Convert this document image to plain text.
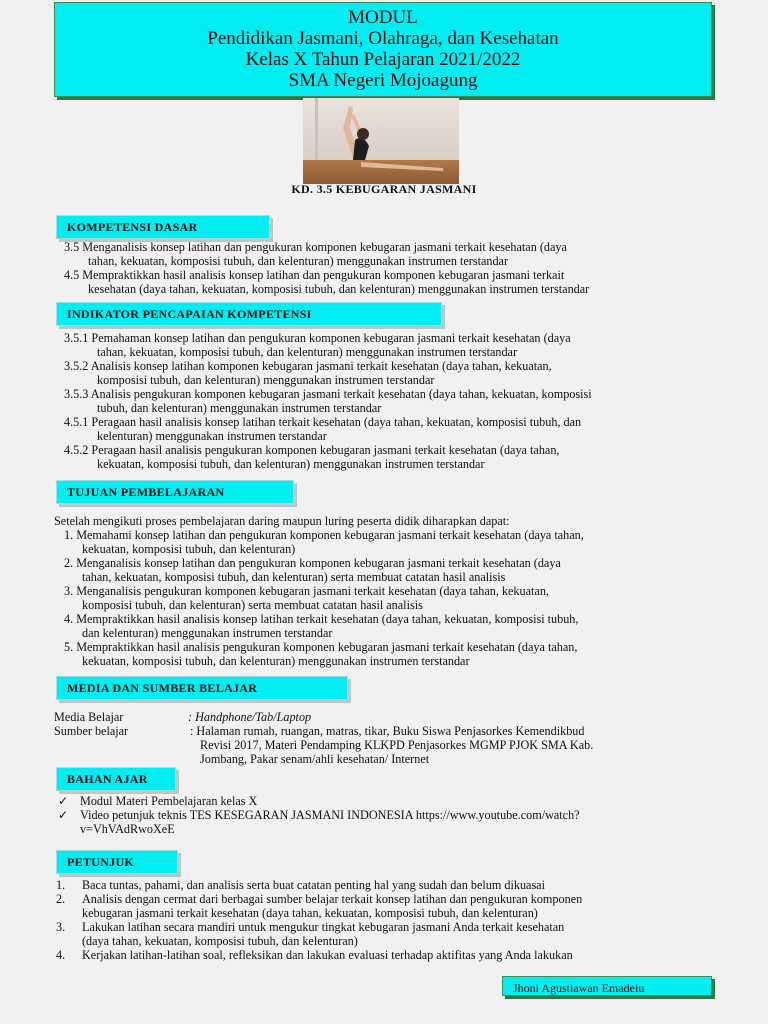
MODUL
Pendidikan Jasmani, Olahraga, dan Kesehatan
Kelas X Tahun Pelajaran 2021/2022
SMA Negeri Mojoagung
KD. 3.5 KEBUGARAN JASMANI
KOMPETENSI DASAR
3.5 Menganalisis konsep latihan dan pengukuran komponen kebugaran jasmani terkait kesehatan (daya
tahan, kekuatan, komposisi tubuh, dan kelenturan) menggunakan instrumen terstandar
4.5 Mempraktikkan hasil analisis konsep latihan dan pengukuran komponen kebugaran jasmani terkait
kesehatan (daya tahan, kekuatan, komposisi tubuh, dan kelenturan) menggunakan instrumen terstandar
INDIKATOR PENCAPAIAN KOMPETENSI
3.5.1 Pemahaman konsep latihan dan pengukuran komponen kebugaran jasmani terkait kesehatan (daya
tahan, kekuatan, komposisi tubuh, dan kelenturan) menggunakan instrumen terstandar
3.5.2 Analisis konsep latihan komponen kebugaran jasmani terkait kesehatan (daya tahan, kekuatan,
komposisi tubuh, dan kelenturan) menggunakan instrumen terstandar
3.5.3 Analisis pengukuran komponen kebugaran jasmani terkait kesehatan (daya tahan, kekuatan, komposisi
tubuh, dan kelenturan) menggunakan instrumen terstandar
4.5.1 Peragaan hasil analisis konsep latihan terkait kesehatan (daya tahan, kekuatan, komposisi tubuh, dan
kelenturan) menggunakan instrumen terstandar
4.5.2 Peragaan hasil analisis pengukuran komponen kebugaran jasmani terkait kesehatan (daya tahan,
kekuatan, komposisi tubuh, dan kelenturan) menggunakan instrumen terstandar
TUJUAN PEMBELAJARAN
Setelah mengikuti proses pembelajaran daring maupun luring peserta didik diharapkan dapat:
1. Memahami konsep latihan dan pengukuran komponen kebugaran jasmani terkait kesehatan (daya tahan,
kekuatan, komposisi tubuh, dan kelenturan)
2. Menganalisis konsep latihan dan pengukuran komponen kebugaran jasmani terkait kesehatan (daya
tahan, kekuatan, komposisi tubuh, dan kelenturan) serta membuat catatan hasil analisis
3. Menganalisis pengukuran komponen kebugaran jasmani terkait kesehatan (daya tahan, kekuatan,
komposisi tubuh, dan kelenturan) serta membuat catatan hasil analisis
4. Mempraktikkan hasil analisis konsep latihan terkait kesehatan (daya tahan, kekuatan, komposisi tubuh,
dan kelenturan) menggunakan instrumen terstandar
5. Mempraktikkan hasil analisis pengukuran komponen kebugaran jasmani terkait kesehatan (daya tahan,
kekuatan, komposisi tubuh, dan kelenturan) menggunakan instrumen terstandar
MEDIA DAN SUMBER BELAJAR
Media Belajar	: Handphone/Tab/Laptop
Sumber belajar	: Halaman rumah, ruangan, matras, tikar, Buku Siswa Penjasorkes Kemendikbud
Revisi 2017, Materi Pendamping KLKPD Penjasorkes MGMP PJOK SMA Kab.
Jombang, Pakar senam/ahli kesehatan/ Internet
BAHAN AJAR
✓ Modul Materi Pembelajaran kelas X
✓ Video petunjuk teknis TES KESEGARAN JASMANI INDONESIA https://www.youtube.com/watch?
v=VhVAdRwoXeE
PETUNJUK
1. Baca tuntas, pahami, dan analisis serta buat catatan penting hal yang sudah dan belum dikuasai
2. Analisis dengan cermat dari berbagai sumber belajar terkait konsep latihan dan pengukuran komponen
kebugaran jasmani terkait kesehatan (daya tahan, kekuatan, komposisi tubuh, dan kelenturan)
3. Lakukan latihan secara mandiri untuk mengukur tingkat kebugaran jasmani Anda terkait kesehatan
(daya tahan, kekuatan, komposisi tubuh, dan kelenturan)
4. Kerjakan latihan-latihan soal, refleksikan dan lakukan evaluasi terhadap aktifitas yang Anda lakukan
Jhoni Agustiawan Emadeiu
